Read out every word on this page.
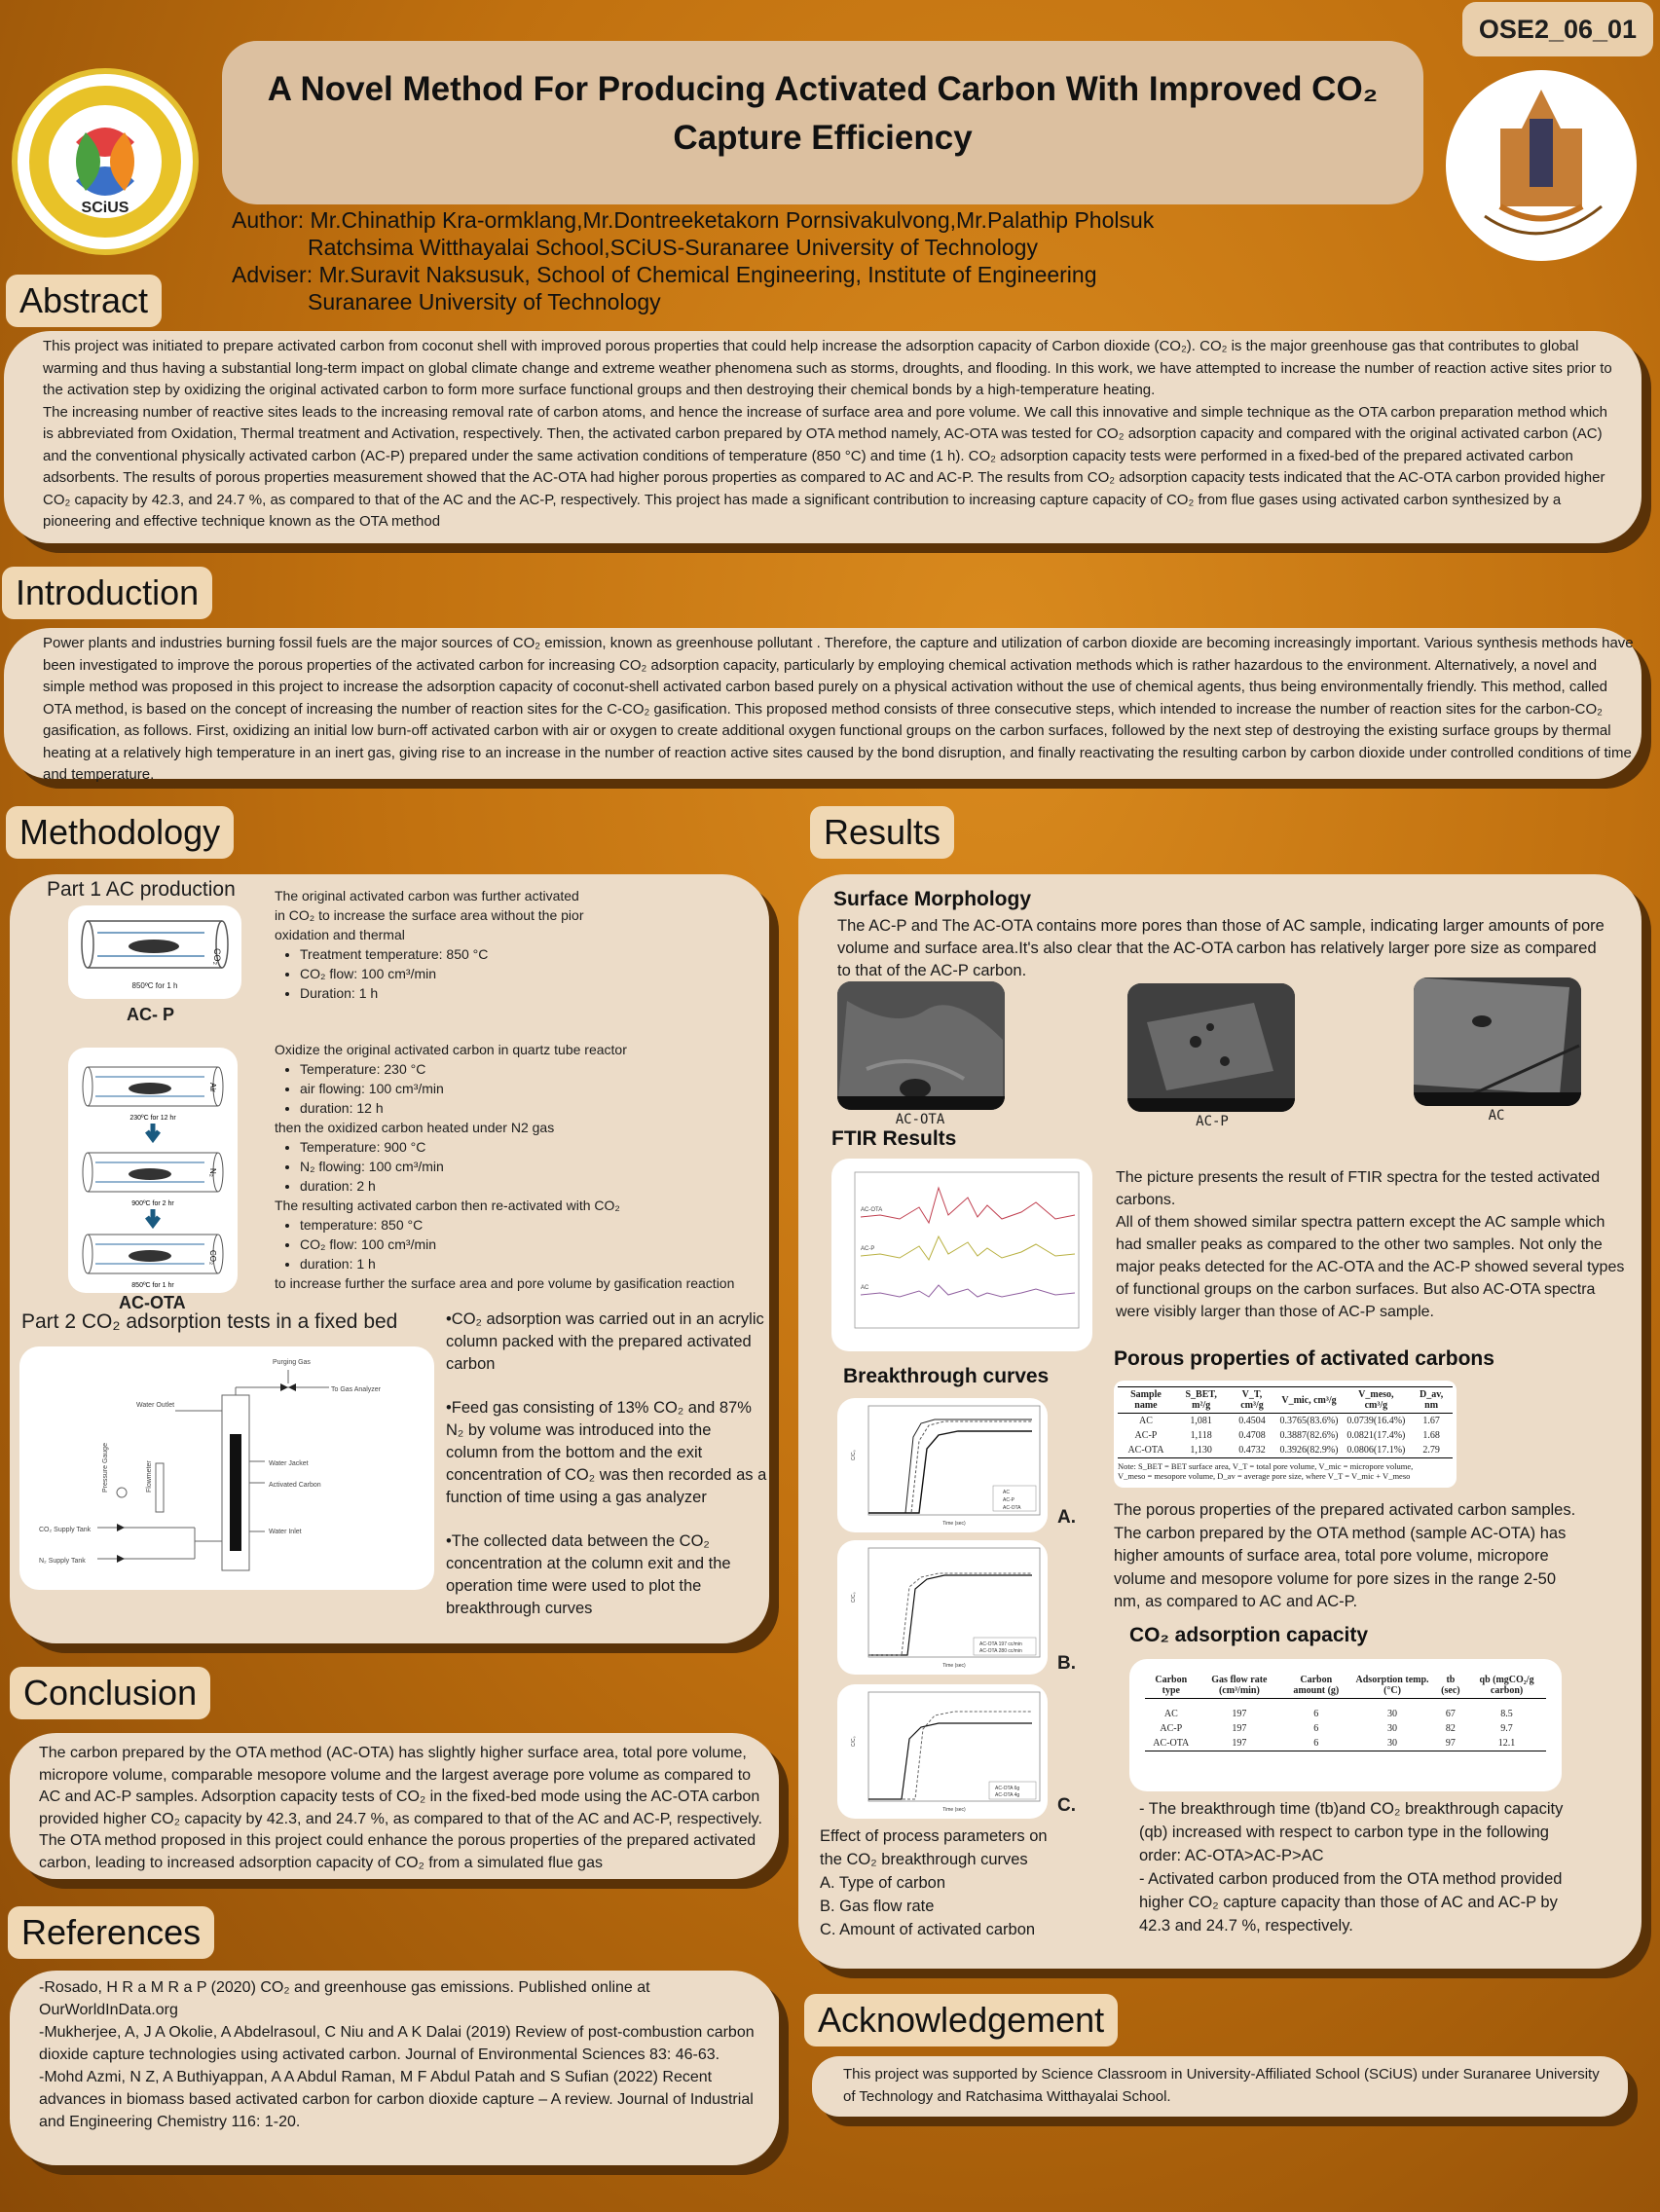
SCiUS
A Novel Method For Producing Activated Carbon With Improved CO₂
Capture Efficiency
OSE2_06_01
Author: Mr.Chinathip Kra-ormklang,Mr.Dontreeketakorn Pornsivakulvong,Mr.Palathip Pholsuk
Ratchsima Witthayalai School,SCiUS-Suranaree University of Technology
Adviser: Mr.Suravit Naksusuk, School of Chemical Engineering, Institute of Engineering
Suranaree University of Technology
Abstract
This project was initiated to prepare activated carbon from coconut shell with improved porous properties that could help increase the adsorption capacity of Carbon dioxide (CO₂). CO₂ is the major greenhouse gas that contributes to global warming and thus having a substantial long-term impact on global climate change and extreme weather phenomena such as storms, droughts, and flooding. In this work, we have attempted to increase the number of reaction active sites prior to the activation step by oxidizing the original activated carbon to form more surface functional groups and then destroying their chemical bonds by a high-temperature heating.
The increasing number of reactive sites leads to the increasing removal rate of carbon atoms, and hence the increase of surface area and pore volume. We call this innovative and simple technique as the OTA carbon preparation method which is abbreviated from Oxidation, Thermal treatment and Activation, respectively. Then, the activated carbon prepared by OTA method namely, AC-OTA was tested for CO₂ adsorption capacity and compared with the original activated carbon (AC) and the conventional physically activated carbon (AC-P) prepared under the same activation conditions of temperature (850 °C) and time (1 h). CO₂ adsorption capacity tests were performed in a fixed-bed of the prepared activated carbon adsorbents. The results of porous properties measurement showed that the AC-OTA had higher porous properties as compared to AC and AC-P. The results from CO₂ adsorption capacity tests indicated that the AC-OTA carbon provided higher CO₂ capacity by 42.3, and 24.7 %, as compared to that of the AC and the AC-P, respectively. This project has made a significant contribution to increasing capture capacity of CO₂ from flue gases using activated carbon synthesized by a pioneering and effective technique known as the OTA method
Introduction
Power plants and industries burning fossil fuels are the major sources of CO₂ emission, known as greenhouse pollutant . Therefore, the capture and utilization of carbon dioxide are becoming increasingly important. Various synthesis methods have been investigated to improve the porous properties of the activated carbon for increasing CO₂ adsorption capacity, particularly by employing chemical activation methods which is rather hazardous to the environment. Alternatively, a novel and simple method was proposed in this project to increase the adsorption capacity of coconut-shell activated carbon based purely on a physical activation without the use of chemical agents, thus being environmentally friendly. This method, called OTA method, is based on the concept of increasing the number of reaction sites for the C-CO₂ gasification. This proposed method consists of three consecutive steps, which intended to increase the number of reaction sites for the carbon-CO₂ gasification, as follows. First, oxidizing an initial low burn-off activated carbon with air or oxygen to create additional oxygen functional groups on the carbon surfaces, followed by the next step of destroying the existing surface groups by thermal heating at a relatively high temperature in an inert gas, giving rise to an increase in the number of reaction active sites caused by the bond disruption, and finally reactivating the resulting carbon by carbon dioxide under controlled conditions of time and temperature.
Methodology
Part 1 AC production
CO₂
850ºC for 1 h
AC- P
The original activated carbon was further activated
in CO₂ to increase the surface area without the pior
oxidation and thermal
• Treatment temperature: 850 °C
• CO₂ flow: 100 cm³/min
• Duration: 1 h
Air
230ºC for 12 hr
N₂
900ºC for 2 hr
CO₂
850ºC for 1 hr
AC-OTA
Oxidize the original activated carbon in quartz tube reactor
• Temperature: 230 °C
• air flowing: 100 cm³/min
• duration: 12 h
then the oxidized carbon heated under N2 gas
• Temperature: 900 °C
• N₂ flowing: 100 cm³/min
• duration: 2 h
The resulting activated carbon then re-activated with CO₂
• temperature: 850 °C
• CO₂ flow: 100 cm³/min
• duration: 1 h
to increase further the surface area and pore volume by gasification reaction
Part 2 CO₂ adsorption tests in a fixed bed
Purging Gas
To Gas Analyzer
Water Outlet
Water Jacket
Activated Carbon
Water Inlet
Pressure Gauge	Flowmeter
CO₂ Supply Tank
N₂ Supply Tank
•CO₂ adsorption was carried out in an acrylic column packed with the prepared activated carbon
•Feed gas consisting of 13% CO₂ and 87% N₂ by volume was introduced into the column from the bottom and the exit concentration of CO₂ was then recorded as a function of time using a gas analyzer
•The collected data between the CO₂ concentration at the column exit and the operation time were used to plot the breakthrough curves
Conclusion
The carbon prepared by the OTA method (AC-OTA) has slightly higher surface area, total pore volume, micropore volume, comparable mesopore volume and the largest average pore volume as compared to AC and AC-P samples. Adsorption capacity tests of CO₂ in the fixed-bed mode using the AC-OTA carbon provided higher CO₂ capacity by 42.3, and 24.7 %, as compared to that of the AC and AC-P, respectively. The OTA method proposed in this project could enhance the porous properties of the prepared activated carbon, leading to increased adsorption capacity of CO₂ from a simulated flue gas
References
-Rosado, H R a M R a P (2020) CO₂ and greenhouse gas emissions. Published online at OurWorldInData.org
-Mukherjee, A, J A Okolie, A Abdelrasoul, C Niu and A K Dalai (2019) Review of post-combustion carbon dioxide capture technologies using activated carbon. Journal of Environmental Sciences 83: 46-63.
-Mohd Azmi, N Z, A Buthiyappan, A A Abdul Raman, M F Abdul Patah and S Sufian (2022) Recent advances in biomass based activated carbon for carbon dioxide capture – A review. Journal of Industrial and Engineering Chemistry 116: 1-20.
Results
Surface Morphology
The AC-P and The AC-OTA contains more pores than those of AC sample, indicating larger amounts of pore volume and surface area.It's also clear that the AC-OTA carbon has relatively larger pore size as compared to that of the AC-P carbon.
AC-OTA	AC-P	AC
FTIR Results
AC-OTA
AC-P
AC
The picture presents the result of FTIR spectra for the tested activated carbons.
All of them showed similar spectra pattern except the AC sample which had smaller peaks as compared to the other two samples. Not only the major peaks detected for the AC-OTA and the AC-P showed several types of functional groups on the carbon surfaces. But also AC-OTA spectra were visibly larger than those of AC-P sample.
Breakthrough curves
AC
AC-P
AC-OTA
Time (sec)
C/C₀
A.
AC-OTA 197 cc/min
AC-OTA 280 cc/min
Time (sec)
C/C₀
B.
AC-OTA 6g
AC-OTA 4g
Time (sec)
C/C₀
C.
Effect of process parameters on the CO₂ breakthrough curves
A. Type of carbon
B. Gas flow rate
C. Amount of activated carbon
Porous properties of activated carbons
Sample name	S_BET, m²/g	V_T, cm³/g	V_mic, cm³/g	V_meso, cm³/g	D_av, nm
AC	1,081	0.4504	0.3765(83.6%)	0.0739(16.4%)	1.67
AC-P	1,118	0.4708	0.3887(82.6%)	0.0821(17.4%)	1.68
AC-OTA	1,130	0.4732	0.3926(82.9%)	0.0806(17.1%)	2.79
Note: S_BET = BET surface area, V_T = total pore volume, V_mic = micropore volume,
V_meso = mesopore volume, D_av = average pore size, where V_T = V_mic + V_meso
The porous properties of the prepared activated carbon samples. The carbon prepared by the OTA method (sample AC-OTA) has higher amounts of surface area, total pore volume, micropore volume and mesopore volume for pore sizes in the range 2-50 nm, as compared to AC and AC-P.
CO₂ adsorption capacity
Carbon type	Gas flow rate (cm³/min)	Carbon amount (g)	Adsorption temp. (°C)	tb (sec)	qb (mgCO₂/g carbon)

AC	197	6	30	67	8.5
AC-P	197	6	30	82	9.7
AC-OTA	197	6	30	97	12.1
- The breakthrough time (tb)and CO₂ breakthrough capacity (qb) increased with respect to carbon type in the following order: AC-OTA>AC-P>AC
- Activated carbon produced from the OTA method provided higher CO₂ capture capacity than those of AC and AC-P by 42.3 and 24.7 %, respectively.
Acknowledgement
This project was supported by Science Classroom in University-Affiliated School (SCiUS) under Suranaree University of Technology and Ratchasima Witthayalai School.
